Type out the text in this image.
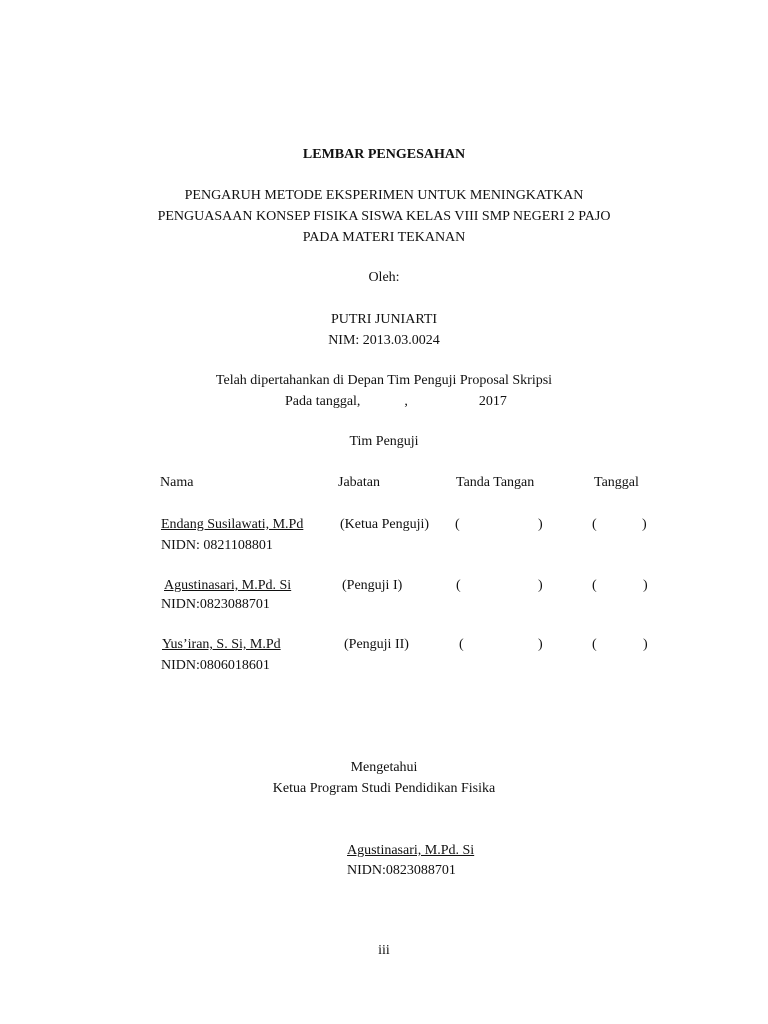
LEMBAR PENGESAHAN
PENGARUH METODE EKSPERIMEN UNTUK MENINGKATKAN
PENGUASAAN KONSEP FISIKA SISWA KELAS VIII SMP NEGERI 2 PAJO
PADA MATERI TEKANAN
Oleh:
PUTRI JUNIARTI
NIM: 2013.03.0024
Telah dipertahankan di Depan Tim Penguji Proposal Skripsi
Pada tanggal,	,	2017
Tim Penguji
Nama	Jabatan	Tanda Tangan	Tanggal
Endang Susilawati, M.Pd	(Ketua Penguji) (	)	(	)
NIDN: 0821108801
Agustinasari, M.Pd. Si	(Penguji I)	(	)	(	)
NIDN:0823088701
Yus’iran, S. Si, M.Pd	(Penguji II)	(	)	(	)
NIDN:0806018601
Mengetahui
Ketua Program Studi Pendidikan Fisika
Agustinasari, M.Pd. Si
NIDN:0823088701
iii
